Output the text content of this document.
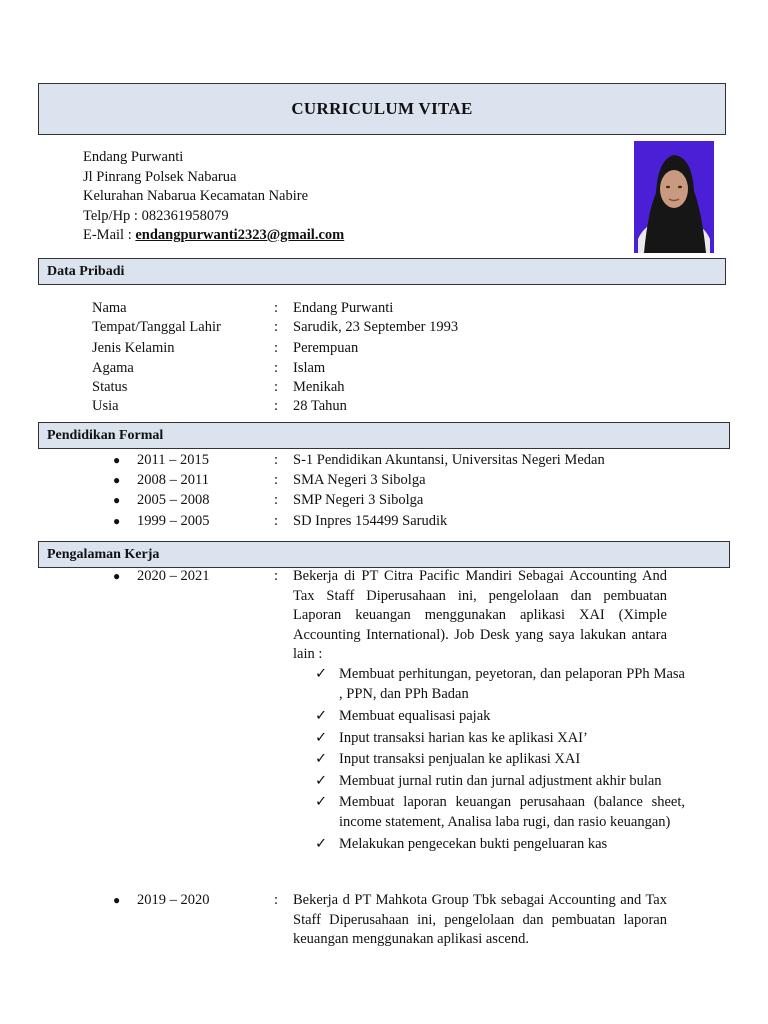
CURRICULUM VITAE
Endang Purwanti
Jl Pinrang Polsek Nabarua
Kelurahan Nabarua Kecamatan Nabire
Telp/Hp : 082361958079
E-Mail : endangpurwanti2323@gmail.com
Data Pribadi
Nama	: Endang Purwanti
Tempat/Tanggal Lahir	: Sarudik, 23 September 1993
Jenis Kelamin	: Perempuan
Agama	: Islam
Status	: Menikah
Usia	: 28 Tahun
Pendidikan Formal
● 2011 – 2015	: S-1 Pendidikan Akuntansi, Universitas Negeri Medan
● 2008 – 2011	: SMA Negeri 3 Sibolga
● 2005 – 2008	: SMP Negeri 3 Sibolga
● 1999 – 2005	: SD Inpres 154499 Sarudik
Pengalaman Kerja
● 2020 – 2021	: Bekerja di PT Citra Pacific Mandiri Sebagai Accounting And Tax Staff Diperusahaan ini, pengelolaan dan pembuatan Laporan keuangan menggunakan aplikasi XAI (Ximple Accounting International). Job Desk yang saya lakukan antara lain :
✓ Membuat perhitungan, peyetoran, dan pelaporan PPh Masa , PPN, dan PPh Badan
✓ Membuat equalisasi pajak
✓ Input transaksi harian kas ke aplikasi XAI’
✓ Input transaksi penjualan ke aplikasi XAI
✓ Membuat jurnal rutin dan jurnal adjustment akhir bulan
✓ Membuat laporan keuangan perusahaan (balance sheet, income statement, Analisa laba rugi, dan rasio keuangan)
✓ Melakukan pengecekan bukti pengeluaran kas
● 2019 – 2020	: Bekerja d PT Mahkota Group Tbk sebagai Accounting and Tax Staff Diperusahaan ini, pengelolaan dan pembuatan laporan keuangan menggunakan aplikasi ascend.
